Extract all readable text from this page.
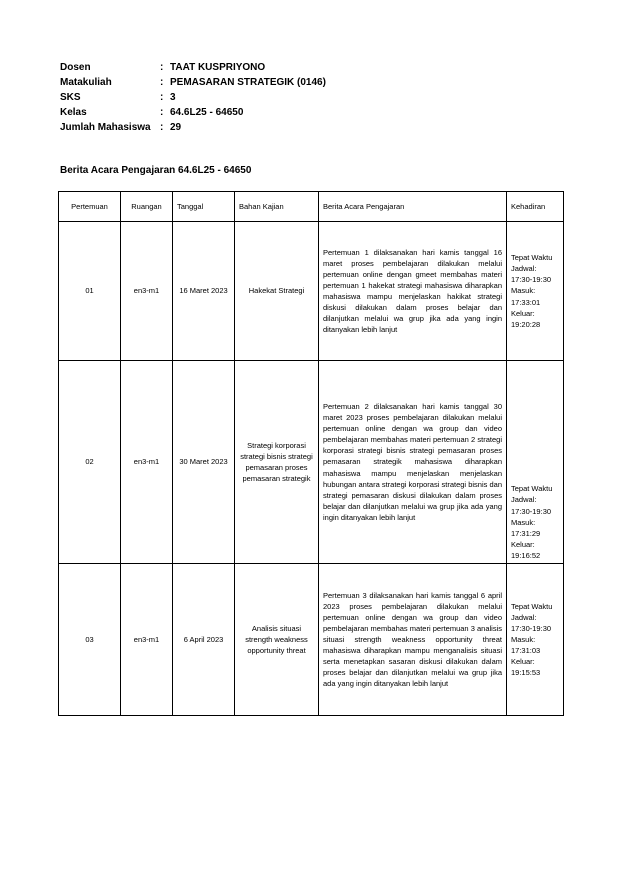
Dosen	: TAAT KUSPRIYONO
Matakuliah	: PEMASARAN STRATEGIK (0146)
SKS	: 3
Kelas	: 64.6L25 - 64650
Jumlah Mahasiswa : 29
Berita Acara Pengajaran 64.6L25 - 64650
Pertemuan	Ruangan	Tanggal	Bahan Kajian	Berita Acara Pengajaran	Kehadiran
01	en3-m1	16 Maret 2023	Hakekat Strategi	Pertemuan 1 dilaksanakan hari kamis tanggal 16 maret proses pembelajaran dilakukan melalui pertemuan online dengan gmeet membahas materi pertemuan 1 hakekat strategi mahasiswa diharapkan mahasiswa mampu menjelaskan hakikat strategi diskusi dilakukan dalam proses belajar dan dilanjutkan melalui wa grup jika ada yang ingin ditanyakan lebih lanjut	Tepat Waktu Jadwal: 17:30-19:30 Masuk: 17:33:01 Keluar: 19:20:28
02	en3-m1	30 Maret 2023	Strategi korporasi strategi bisnis strategi pemasaran proses pemasaran strategik	Pertemuan 2 dilaksanakan hari kamis tanggal 30 maret 2023 proses pembelajaran dilakukan melalui pertemuan online dengan wa group dan video pembelajaran membahas materi pertemuan 2 strategi korporasi strategi bisnis strategi pemasaran proses pemasaran strategik mahasiswa diharapkan mahasiswa mampu menjelaskan menjelaskan hubungan antara strategi korporasi strategi bisnis dan strategi pemasaran diskusi dilakukan dalam proses belajar dan dilanjutkan melalui wa grup jika ada yang ingin ditanyakan lebih lanjut	Tepat Waktu Jadwal: 17:30-19:30 Masuk: 17:31:29 Keluar: 19:16:52
03	en3-m1	6 April 2023	Analisis situasi strength weakness opportunity threat	Pertemuan 3 dilaksanakan hari kamis tanggal 6 april 2023 proses pembelajaran dilakukan melalui pertemuan online dengan wa group dan video pembelajaran membahas materi pertemuan 3 analisis situasi strength weakness opportunity threat mahasiswa diharapkan mampu menganalisis situasi serta menetapkan sasaran diskusi dilakukan dalam proses belajar dan dilanjutkan melalui wa grup jika ada yang ingin ditanyakan lebih lanjut	Tepat Waktu Jadwal: 17:30-19:30 Masuk: 17:31:03 Keluar: 19:15:53
